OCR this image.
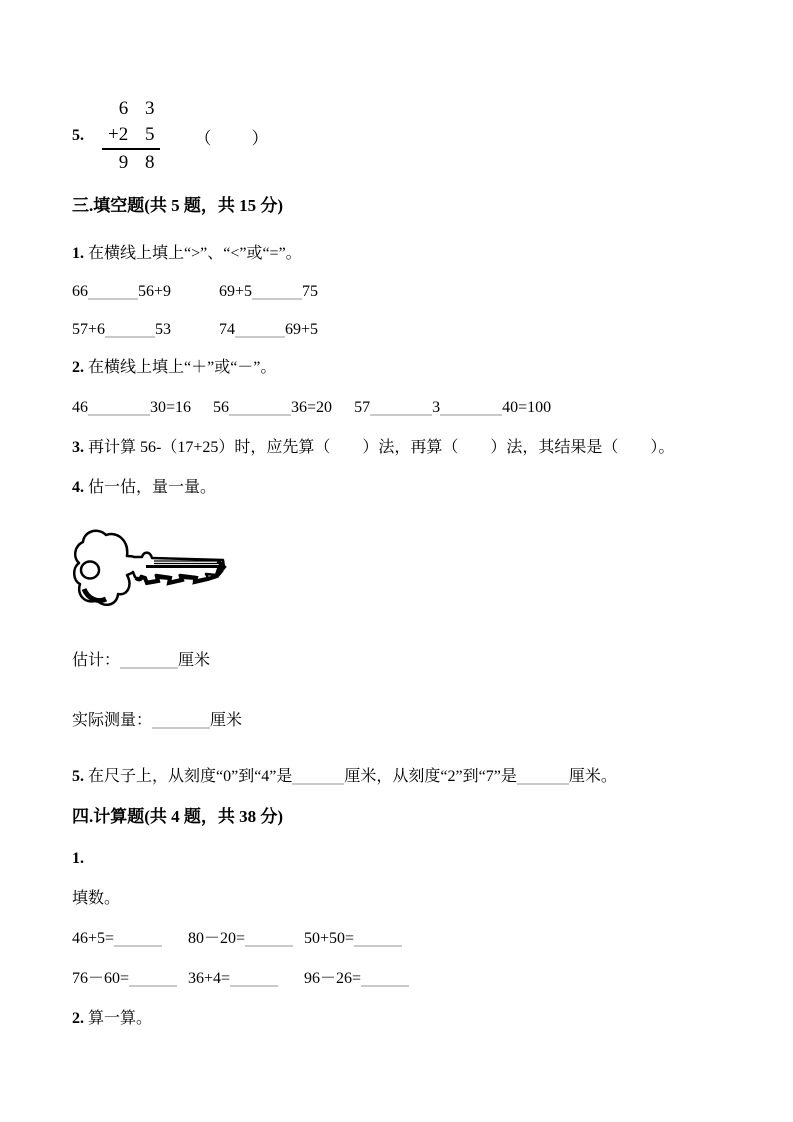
5.
6 3
+2 5
9 8
（　　）
三.填空题(共 5 题，共 15 分)
1. 在横线上填上“>”、“<”或“=”。
66	56+9	69+5	75
57+6	53	74	69+5
2. 在横线上填上“＋”或“－”。
46	30=16 56	36=20 57	3	40=100
3. 再计算 56-（17+25）时，应先算（　　）法，再算（　　）法，其结果是（　　）。
4. 估一估，量一量。
估计：	厘米
实际测量：	厘米
5. 在尺子上，从刻度“0”到“4”是	厘米，从刻度“2”到“7”是	厘米。
四.计算题(共 4 题，共 38 分)
1.
填数。
46+5=	80－20=	50+50=
76－60=	36+4=	96－26=
2. 算一算。
